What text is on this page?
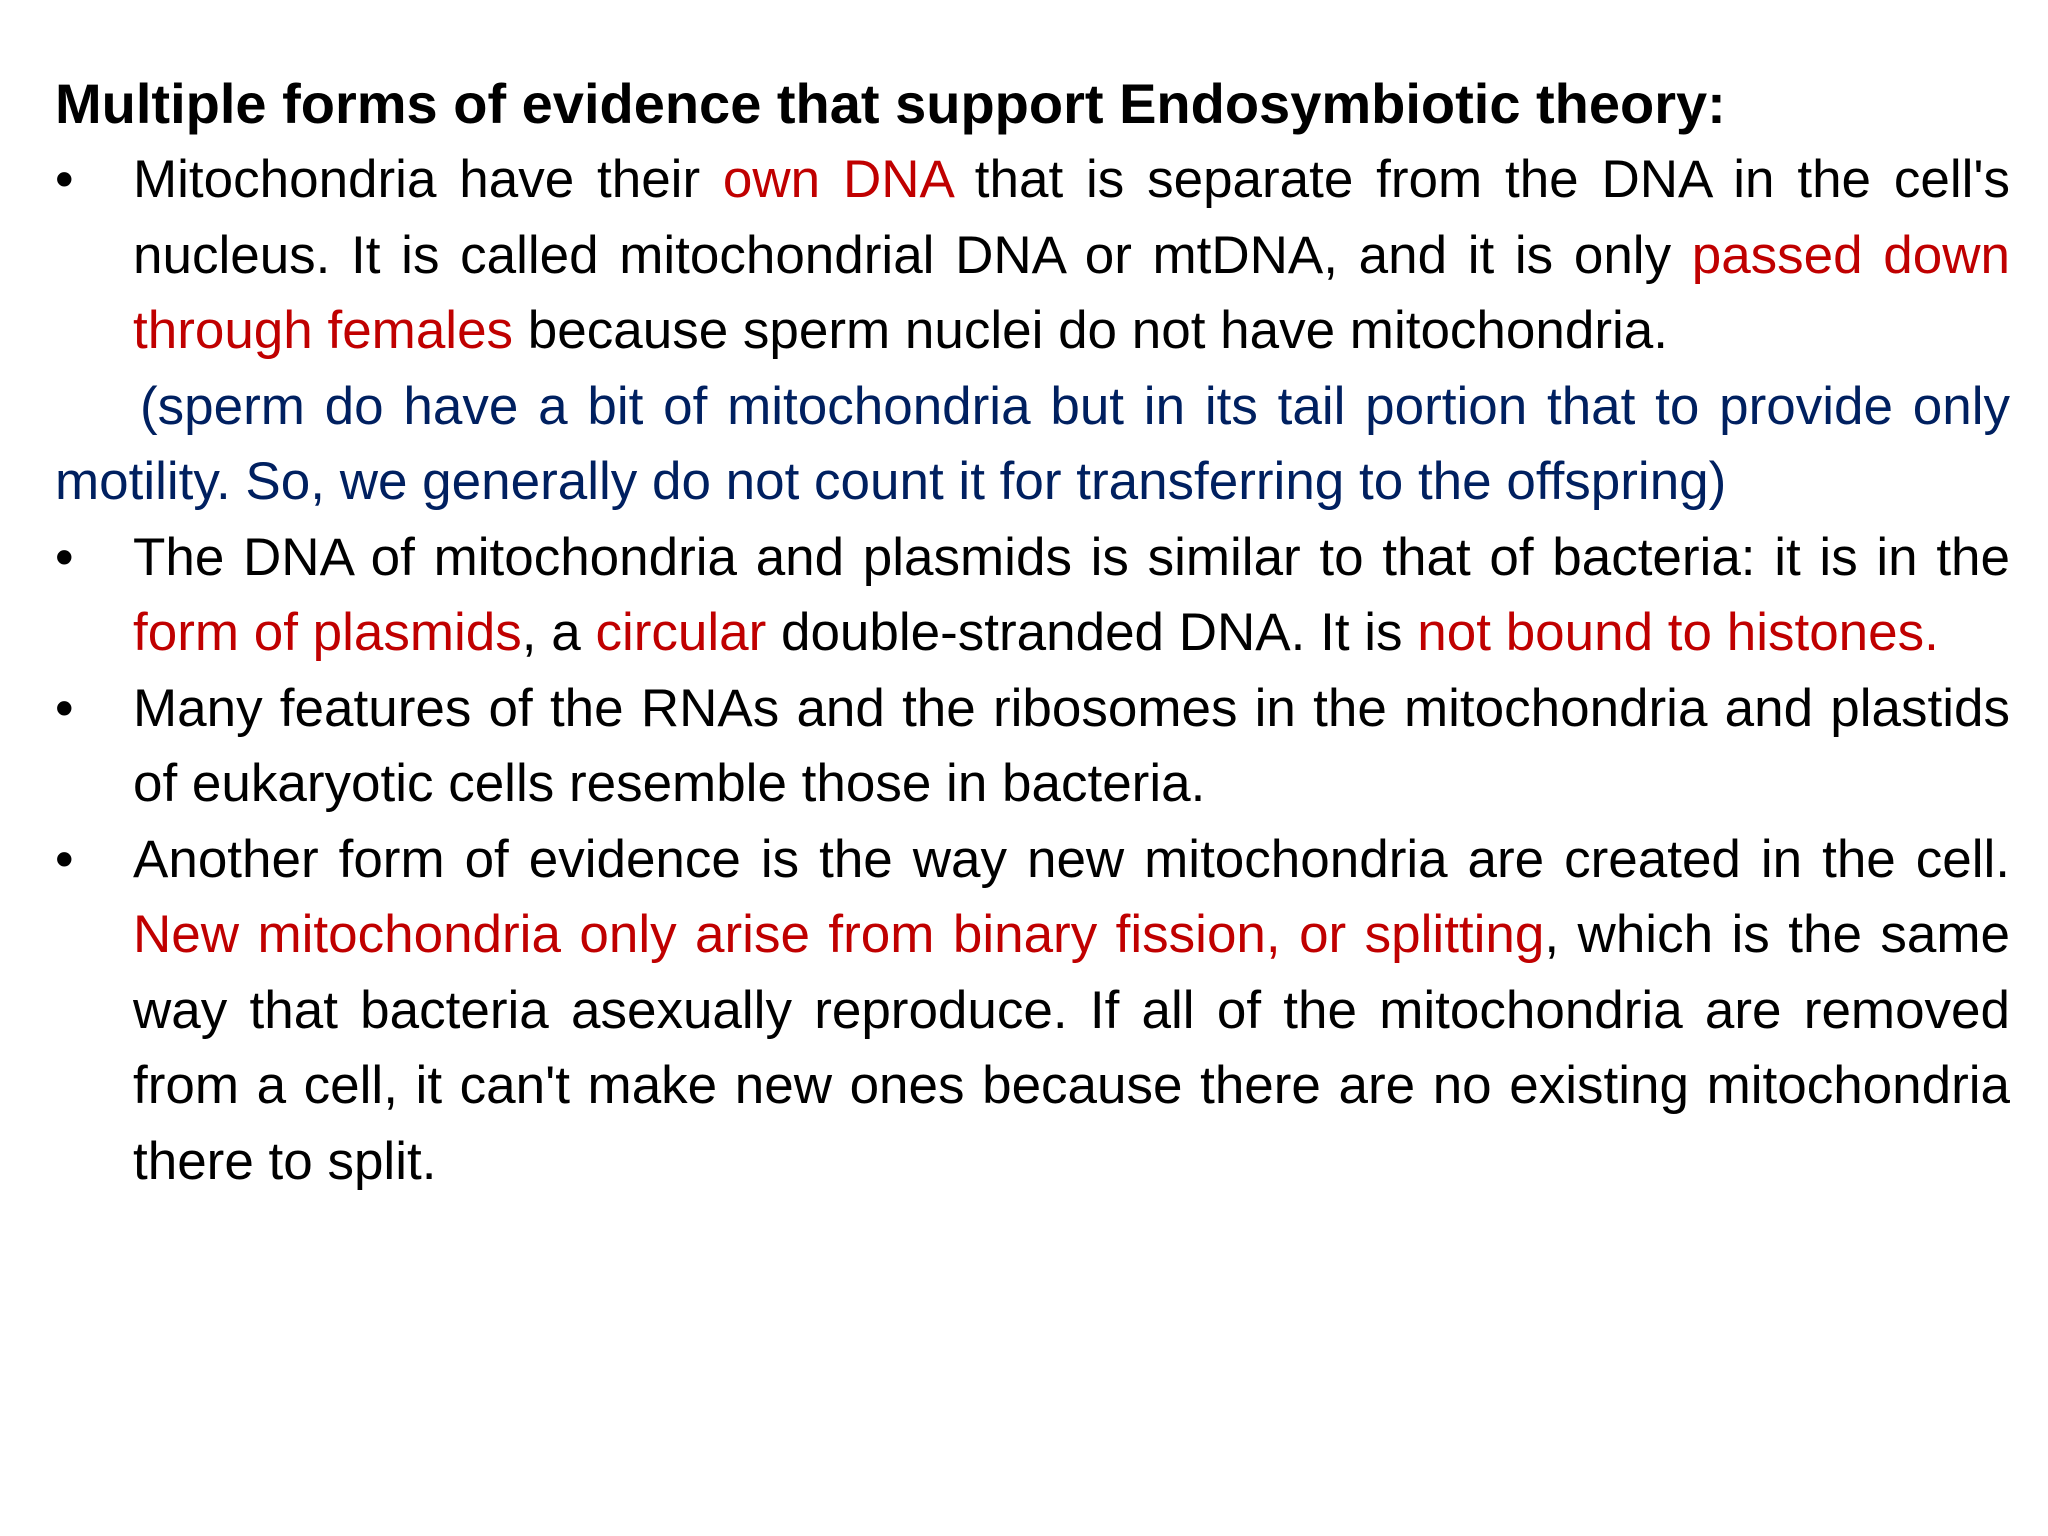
Multiple forms of evidence that support Endosymbiotic theory:
•	Mitochondria have their own DNA that is separate from the DNA in the cell's nucleus. It is called mitochondrial DNA or mtDNA, and it is only passed down through females because sperm nuclei do not have mitochondria.
(sperm do have a bit of mitochondria but in its tail portion that to provide only motility. So, we generally do not count it for transferring to the offspring)
•	The DNA of mitochondria and plasmids is similar to that of bacteria: it is in the form of plasmids, a circular double-stranded DNA. It is not bound to histones.
•	Many features of the RNAs and the ribosomes in the mitochondria and plastids of eukaryotic cells resemble those in bacteria.
•	Another form of evidence is the way new mitochondria are created in the cell. New mitochondria only arise from binary fission, or splitting, which is the same way that bacteria asexually reproduce. If all of the mitochondria are removed from a cell, it can't make new ones because there are no existing mitochondria there to split.
